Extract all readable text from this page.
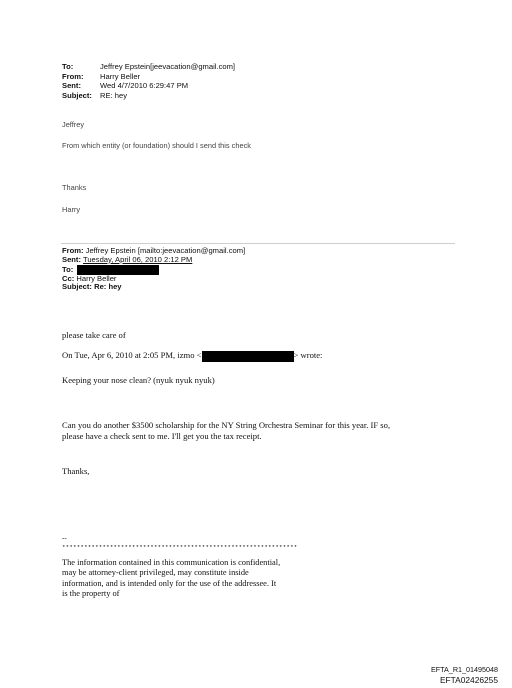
To:	Jeffrey Epstein[jeevacation@gmail.com]
From:	Harry Beller
Sent:	Wed 4/7/2010 6:29:47 PM
Subject:	RE: hey
Jeffrey
From which entity (or foundation) should I send this check
Thanks
Harry
From: Jeffrey Epstein [mailto:jeevacation@gmail.com]
Sent: Tuesday, April 06, 2010 2:12 PM
To:
Cc: Harry Beller
Subject: Re: hey
please take care of
On Tue, Apr 6, 2010 at 2:05 PM, izmo <	> wrote:
Keeping your nose clean? (nyuk nyuk nyuk)
Can you do another $3500 scholarship for the NY String Orchestra Seminar for this year. IF so, please have a check sent to me. I'll get you the tax receipt.
Thanks,
--
****************************************************************
The information contained in this communication is confidential, may be attorney-client privileged, may constitute inside information, and is intended only for the use of the addressee. It is the property of
EFTA_R1_01495048
EFTA02426255
